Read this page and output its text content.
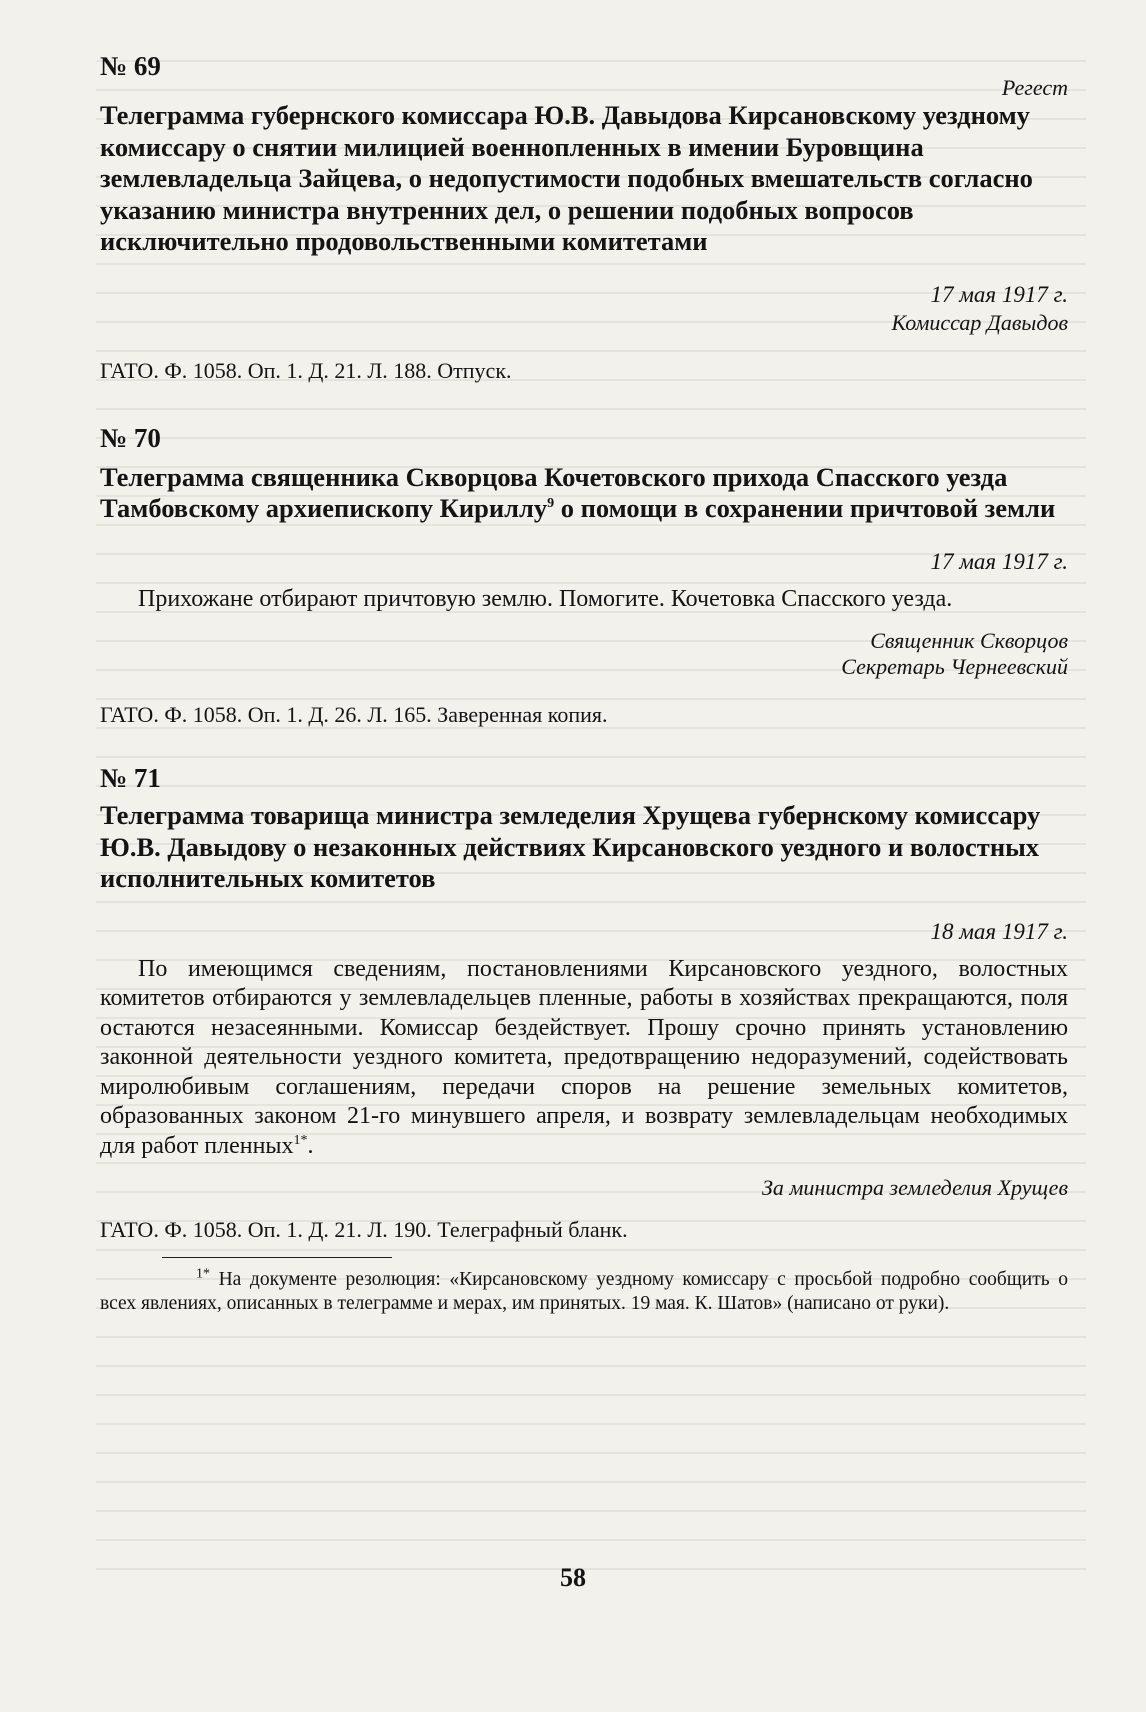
№ 69

Регест

Телеграмма губернского комиссара Ю.В. Давыдова Кирсановскому уездному комиссару о снятии милицией военнопленных в имении Буровщина землевладельца Зайцева, о недопустимости подобных вмешательств согласно указанию министра внутренних дел, о решении подобных вопросов исключительно продовольственными комитетами

17 мая 1917 г.
Комиссар Давыдов
ГАТО. Ф. 1058. Оп. 1. Д. 21. Л. 188. Отпуск.

№ 70

Телеграмма священника Скворцова Кочетовского прихода Спасского уезда Тамбовскому архиепископу Кириллу$^9$ о помощи в сохранении причтовой земли

17 мая 1917 г.

Прихожане отбирают причтовую землю. Помогите. Кочетовка Спасского уезда.

Священник Скворцов
Секретарь Чернеевский
ГАТО. Ф. 1058. Оп. 1. Д. 26. Л. 165. Заверенная копия.

№ 71

Телеграмма товарища министра земледелия Хрущева губернскому комиссару Ю.В. Давыдову о незаконных действиях Кирсановского уездного и волостных исполнительных комитетов

18 мая 1917 г.

По имеющимся сведениям, постановлениями Кирсановского уездного, волостных комитетов отбираются у землевладельцев пленные, работы в хозяйствах прекращаются, поля остаются незасеянными. Комиссар бездействует. Прошу срочно принять установлению законной деятельности уездного комитета, предотвращению недоразумений, содействовать миролюбивым соглашениям, передачи споров на решение земельных комитетов, образованных законом 21-го минувшего апреля, и возврату землевладельцам необходимых для работ пленных$^{1*}$.

За министра земледелия Хрущев
ГАТО. Ф. 1058. Оп. 1. Д. 21. Л. 190. Телеграфный бланк.

$^{1*}$ На документе резолюция: «Кирсановскому уездному комиссару с просьбой подробно сообщить о всех явлениях, описанных в телеграмме и мерах, им принятых. 19 мая. К. Шатов» (написано от руки).

58
